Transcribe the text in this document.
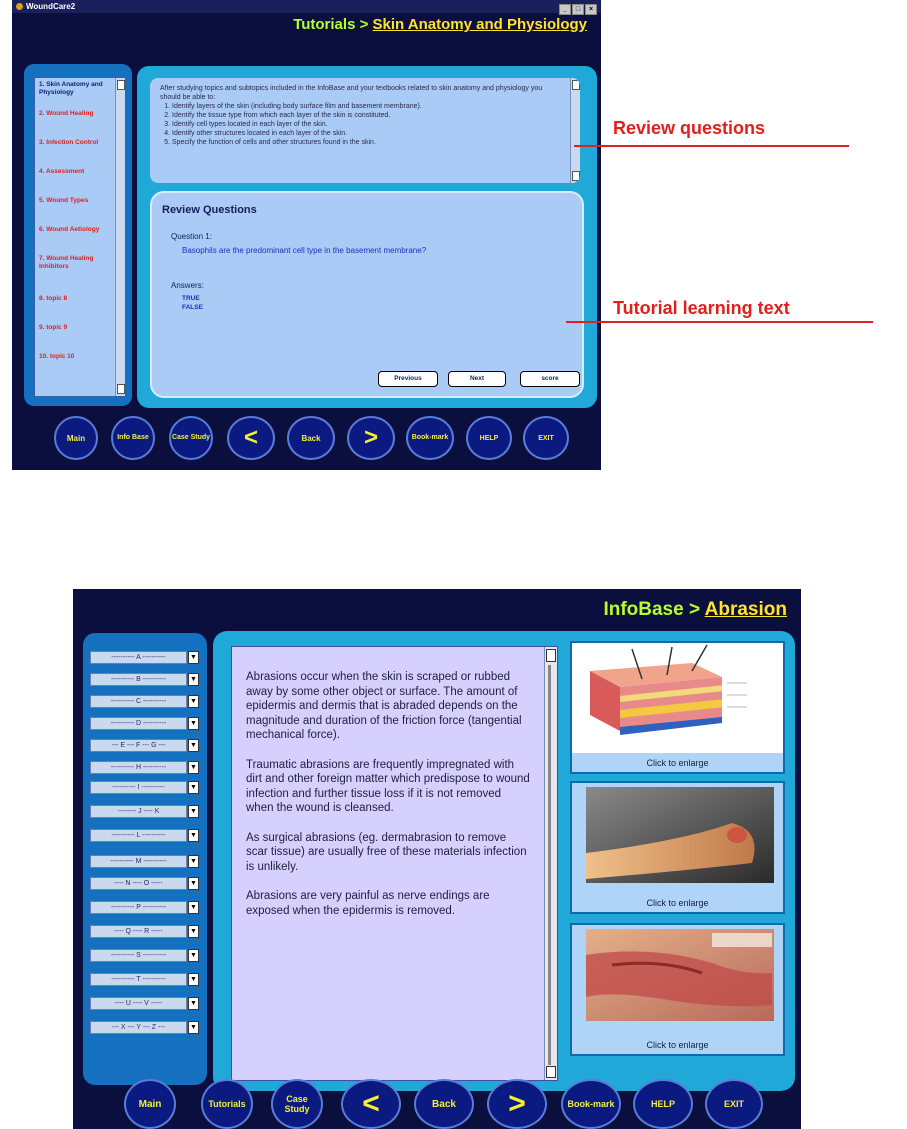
WoundCare2	_ □ ×
Tutorials > Skin Anatomy and Physiology
1. Skin Anatomy and Physiology
2. Wound Healing
3. Infection Control
4. Assessment
5. Wound Types
6. Wound Aetiology
7. Wound Healing Inhibitors
8. topic 8
9. topic 9
10. topic 10
After studying topics and subtopics included in the InfoBase and your textbooks related to skin anatomy and physiology you should be able to:
1. Identify layers of the skin (including body surface film and basement membrane).
2. Identify the tissue type from which each layer of the skin is constituted.
3. Identify cell types located in each layer of the skin.
4. Identify other structures located in each layer of the skin.
5. Specify the function of cells and other structures found in the skin.
Review Questions
Question 1:
Basophils are the predominant cell type in the basement membrane?
Answers:
TRUE
FALSE
Previous	Next	score
Main	Info Base	Case Study	<	Back	>	Book-mark	HELP	EXIT
Review questions
Tutorial learning text
InfoBase > Abrasion
---------- A ----------	▼
---------- B ----------	▼
---------- C ----------	▼
---------- D ----------	▼
--- E --- F --- G ---	▼
---------- H ----------	▼
---------- I ----------	▼
-------- J ---- K	▼
---------- L ----------	▼
---------- M ----------	▼
---- N ---- O -----	▼
---------- P ----------	▼
---- Q ---- R -----	▼
---------- S ----------	▼
---------- T ----------	▼
---- U ---- V -----	▼
--- X --- Y --- Z ---	▼

Abrasions occur when the skin is scraped or rubbed away by some other object or surface. The amount of epidermis and dermis that is abraded depends on the magnitude and duration of the friction force (tangential mechanical force).

Traumatic abrasions are frequently impregnated with dirt and other foreign matter which predispose to wound infection and further tissue loss if it is not removed when the wound is cleansed.

As surgical abrasions (eg. dermabrasion to remove scar tissue) are usually free of these materials infection is unlikely.

Abrasions are very painful as nerve endings are exposed when the epidermis is removed.

Click to enlarge
Click to enlarge
Click to enlarge
Main	Tutorials	Case Study	<	Back	>	Book-mark	HELP	EXIT
